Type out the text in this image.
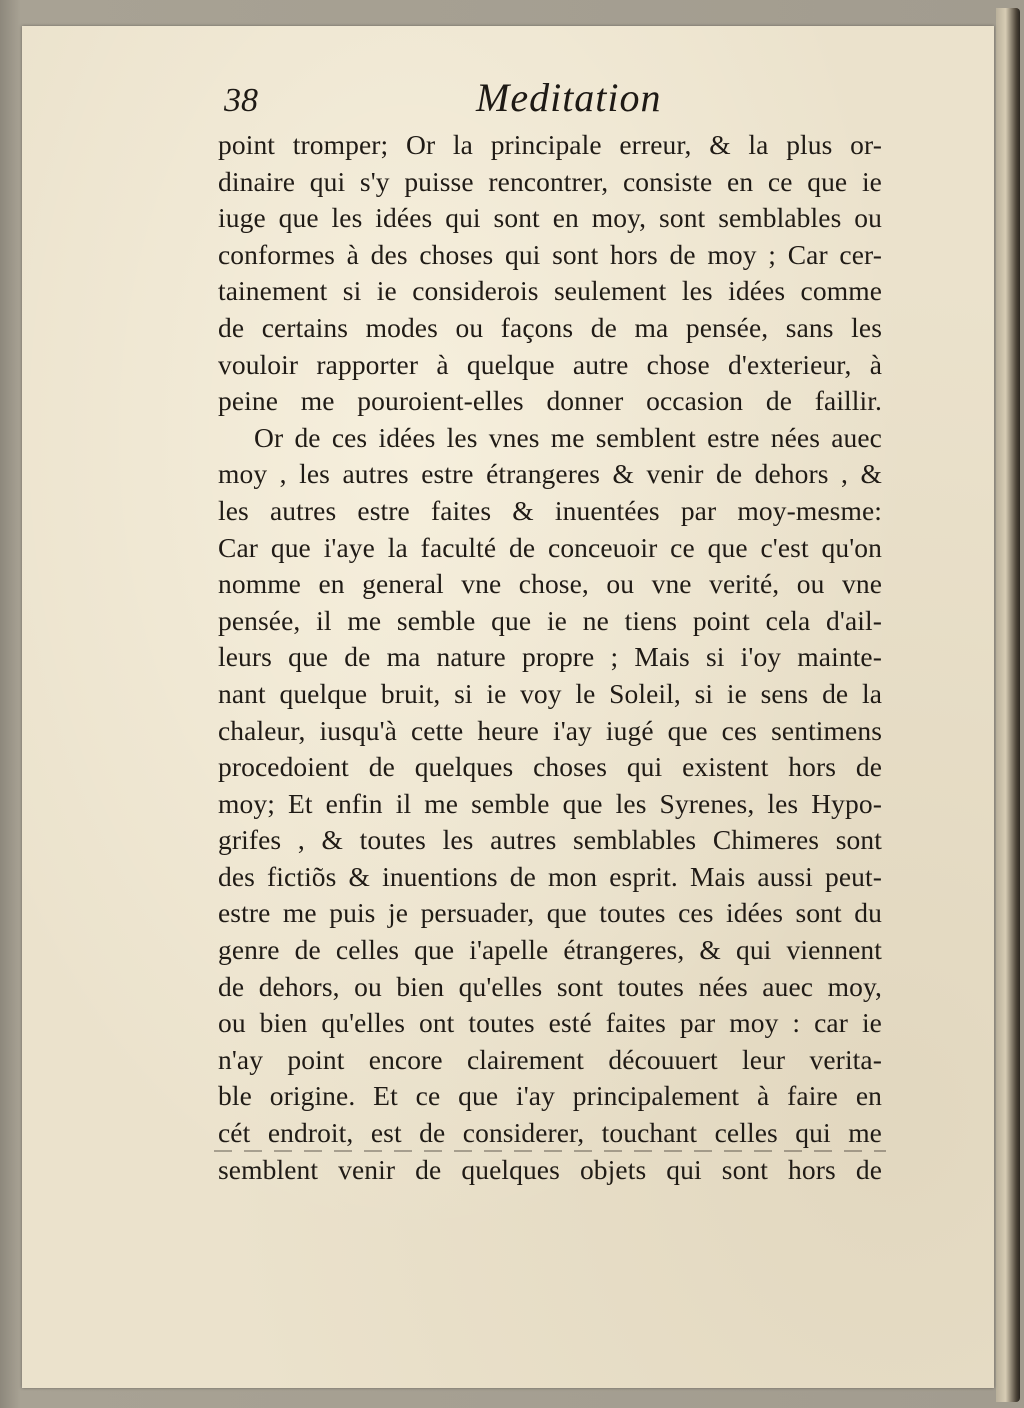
38	Meditation
point tromper; Or la principale erreur, & la plus or-
dinaire qui s'y puisse rencontrer, consiste en ce que ie
iuge que les idées qui sont en moy, sont semblables ou
conformes à des choses qui sont hors de moy ; Car cer-
tainement si ie considerois seulement les idées comme
de certains modes ou façons de ma pensée, sans les
vouloir rapporter à quelque autre chose d'exterieur, à
peine me pouroient-elles donner occasion de faillir.
Or de ces idées les vnes me semblent estre nées auec
moy , les autres estre étrangeres & venir de dehors , &
les autres estre faites & inuentées par moy-mesme:
Car que i'aye la faculté de conceuoir ce que c'est qu'on
nomme en general vne chose, ou vne verité, ou vne
pensée, il me semble que ie ne tiens point cela d'ail-
leurs que de ma nature propre ; Mais si i'oy mainte-
nant quelque bruit, si ie voy le Soleil, si ie sens de la
chaleur, iusqu'à cette heure i'ay iugé que ces sentimens
procedoient de quelques choses qui existent hors de
moy; Et enfin il me semble que les Syrenes, les Hypo-
grifes , & toutes les autres semblables Chimeres sont
des fictiõs & inuentions de mon esprit. Mais aussi peut-
estre me puis je persuader, que toutes ces idées sont du
genre de celles que i'apelle étrangeres, & qui viennent
de dehors, ou bien qu'elles sont toutes nées auec moy,
ou bien qu'elles ont toutes esté faites par moy : car ie
n'ay point encore clairement découuert leur verita-
ble origine. Et ce que i'ay principalement à faire en
cét endroit, est de considerer, touchant celles qui me
semblent venir de quelques objets qui sont hors de
